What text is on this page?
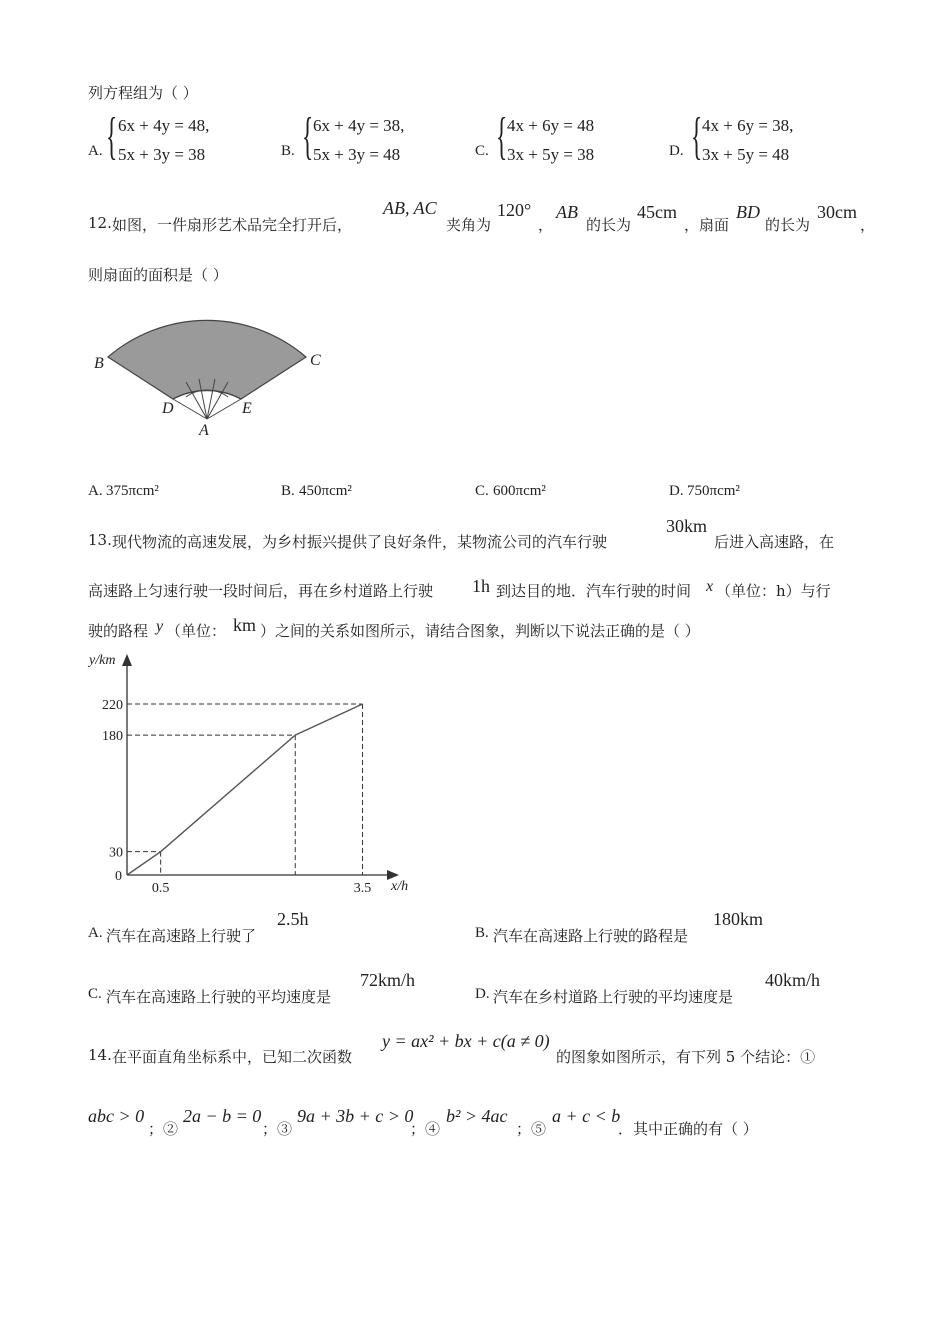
列方程组为（ ）
A. { 6x + 4y = 48,
5x + 3y = 38	B. { 6x + 4y = 38,
5x + 3y = 48	C. { 4x + 6y = 48
3x + 5y = 38	D. { 4x + 6y = 38,
3x + 5y = 48
12. 如图，一件扇形艺术品完全打开后，
AB, AC
夹角为
120°
，
AB
的长为
45cm
，扇面
BD
的长为
30cm
，
则扇面的面积是（ ）
B	C
D	E
A
A. 375πcm²	B. 450πcm²	C. 600πcm²	D. 750πcm²
13. 现代物流的高速发展，为乡村振兴提供了良好条件，某物流公司的汽车行驶
30km
后进入高速路，在
高速路上匀速行驶一段时间后，再在乡村道路上行驶 1h 到达目的地．汽车行驶的时间 x （单位：h）与行
驶的路程 y （单位： km ）之间的关系如图所示，请结合图象，判断以下说法正确的是（ ）
y/km
x/h
0
30
180
220
0.5	3.5
A. 汽车在高速路上行驶了
2.5h
B. 汽车在高速路上行驶的路程是
180km
C. 汽车在高速路上行驶的平均速度是
72km/h
D. 汽车在乡村道路上行驶的平均速度是
40km/h
14. 在平面直角坐标系中，已知二次函数
y = ax² + bx + c(a ≠ 0)
的图象如图所示，有下列 5 个结论：①
abc > 0
；②
2a − b = 0
；③
9a + 3b + c > 0
；④
b² > 4ac
；⑤
a + c < b
．其中正确的有（ ）
